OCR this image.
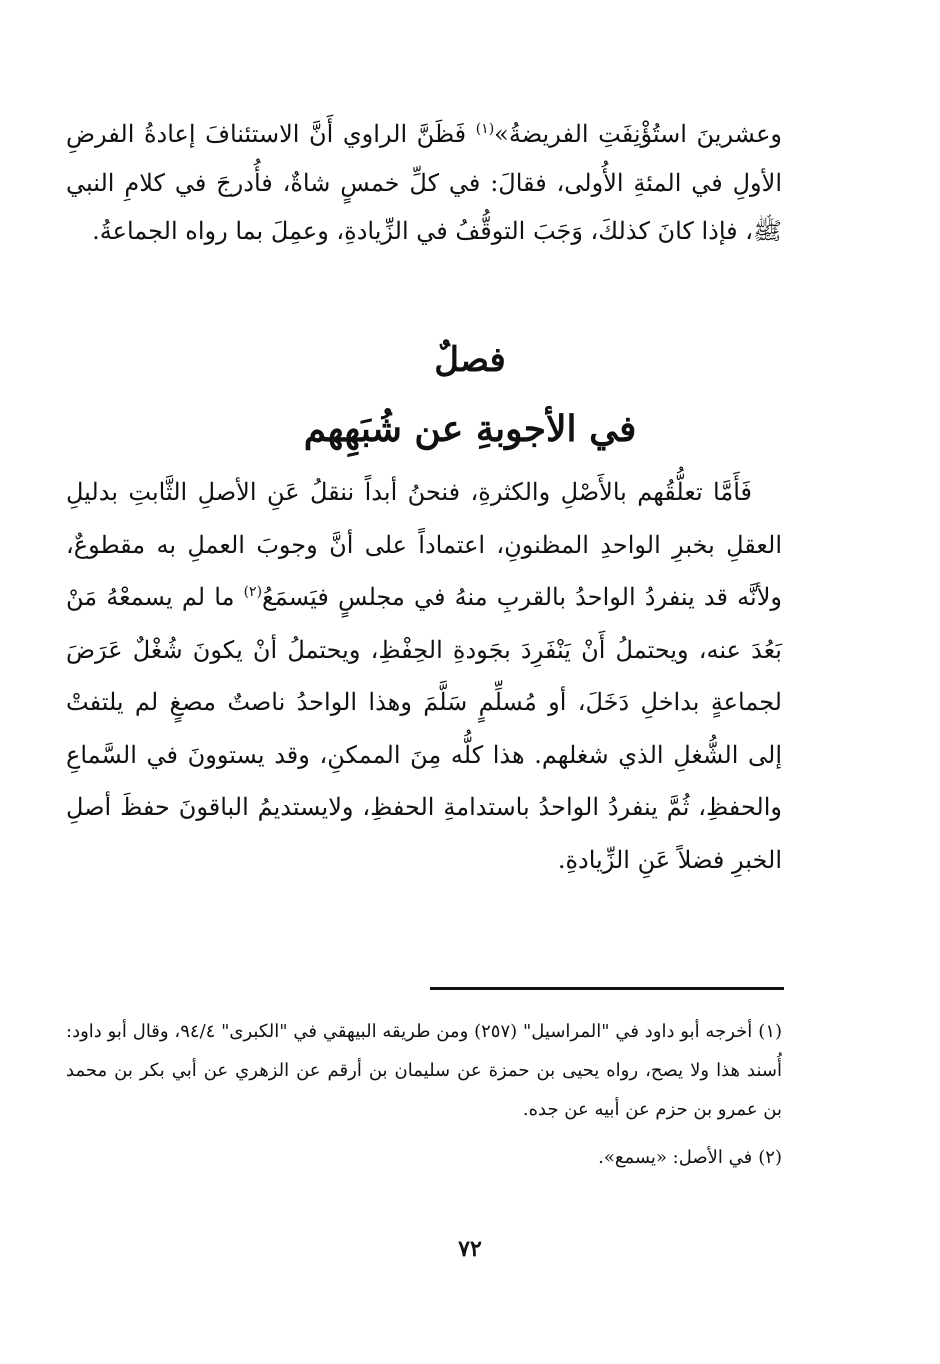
وعشرينَ استُؤْنِفَتِ الفريضةُ»$^{(١)}$ فَظَنَّ الراوي أَنَّ الاستئنافَ إعادةُ الفرضِ الأولِ في المئةِ الأُولى، فقالَ: في كلِّ خمسٍ شاةٌ، فأُدرجَ في كلامِ النبي ﷺ، فإذا كانَ كذلكَ، وَجَبَ التوقُّفُ في الزِّيادةِ، وعمِلَ بما رواه الجماعةُ.

فصلٌ
في الأجوبةِ عن شُبَهِهم

فَأَمَّا تعلُّقُهم بالأَصْلِ والكثرةِ، فنحنُ أبداً ننقلُ عَنِ الأصلِ الثَّابتِ بدليلِ العقلِ بخبرِ الواحدِ المظنونِ، اعتماداً على أنَّ وجوبَ العملِ به مقطوعٌ، ولأنَّه قد ينفردُ الواحدُ بالقربِ منهُ في مجلسٍ فيَسمَعُ$^{(٢)}$ ما لم يسمعْهُ مَنْ بَعُدَ عنه، ويحتملُ أَنْ يَنْفَرِدَ بجَودةِ الحِفْظِ، ويحتملُ أنْ يكونَ شُغْلٌ عَرَضَ لجماعةٍ بداخلِ دَخَلَ، أو مُسلِّمٍ سَلَّمَ وهذا الواحدُ ناصتٌ مصغٍ لم يلتفتْ إلى الشُّغلِ الذي شغلهم. هذا كلُّه مِنَ الممكنِ، وقد يستوونَ في السَّماعِ والحفظِ، ثُمَّ ينفردُ الواحدُ باستدامةِ الحفظِ، ولايستديمُ الباقونَ حفظَ أصلِ الخبرِ فضلاً عَنِ الزِّيادةِ.

(١)أخرجه أبو داود في "المراسيل" (٢٥٧) ومن طريقه البيهقي في "الكبرى" ٩٤/٤، وقال أبو داود: أُسند هذا ولا يصح، رواه يحيى بن حمزة عن سليمان بن أرقم عن الزهري عن أبي بكر بن محمد بن عمرو بن حزم عن أبيه عن جده.

(٢)في الأصل: «يسمع».

٧٢
